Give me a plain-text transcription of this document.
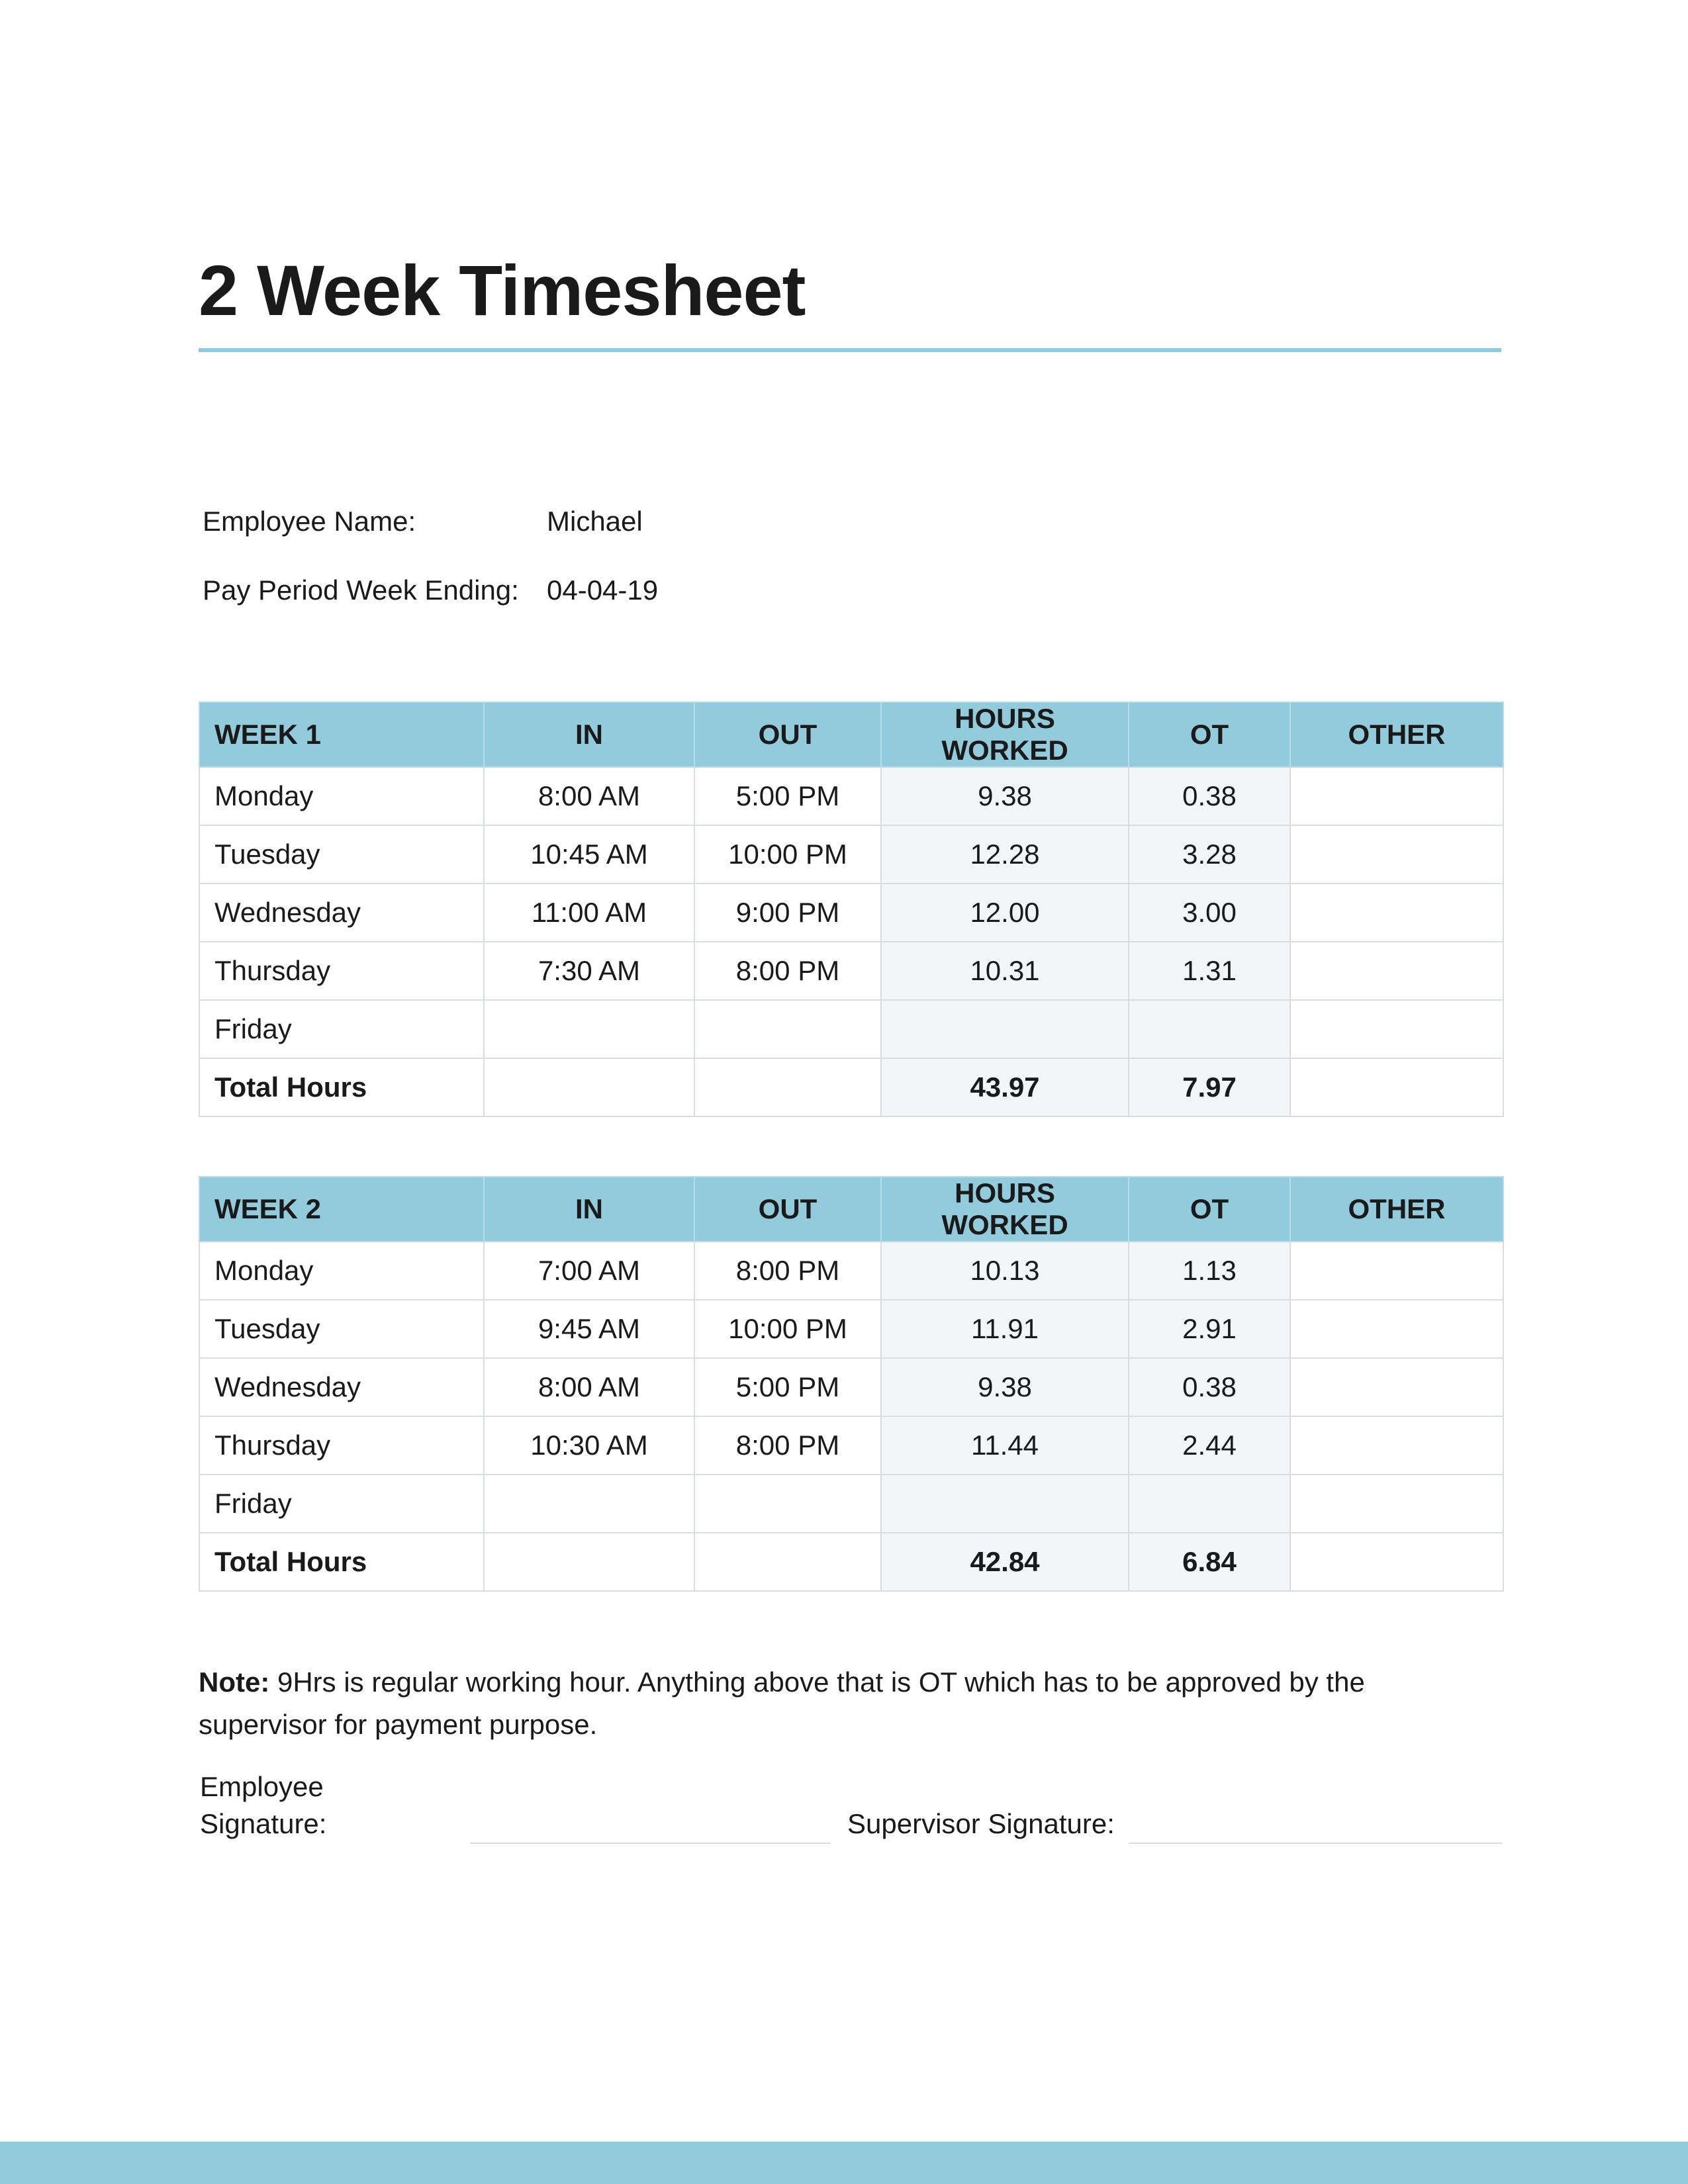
2 Week Timesheet
Employee Name:	Michael
Pay Period Week Ending: 04-04-19
WEEK 1	IN	OUT	HOURS WORKED	OT	OTHER
Monday	8:00 AM	5:00 PM	9.38	0.38	
Tuesday	10:45 AM	10:00 PM	12.28	3.28	
Wednesday	11:00 AM	9:00 PM	12.00	3.00	
Thursday	7:30 AM	8:00 PM	10.31	1.31	
Friday					
Total Hours			43.97	7.97	
WEEK 2	IN	OUT	HOURS WORKED	OT	OTHER
Monday	7:00 AM	8:00 PM	10.13	1.13	
Tuesday	9:45 AM	10:00 PM	11.91	2.91	
Wednesday	8:00 AM	5:00 PM	9.38	0.38	
Thursday	10:30 AM	8:00 PM	11.44	2.44	
Friday					
Total Hours			42.84	6.84	
Note: 9Hrs is regular working hour. Anything above that is OT which has to be approved by the supervisor for payment purpose.
Employee Signature:	Supervisor Signature:
